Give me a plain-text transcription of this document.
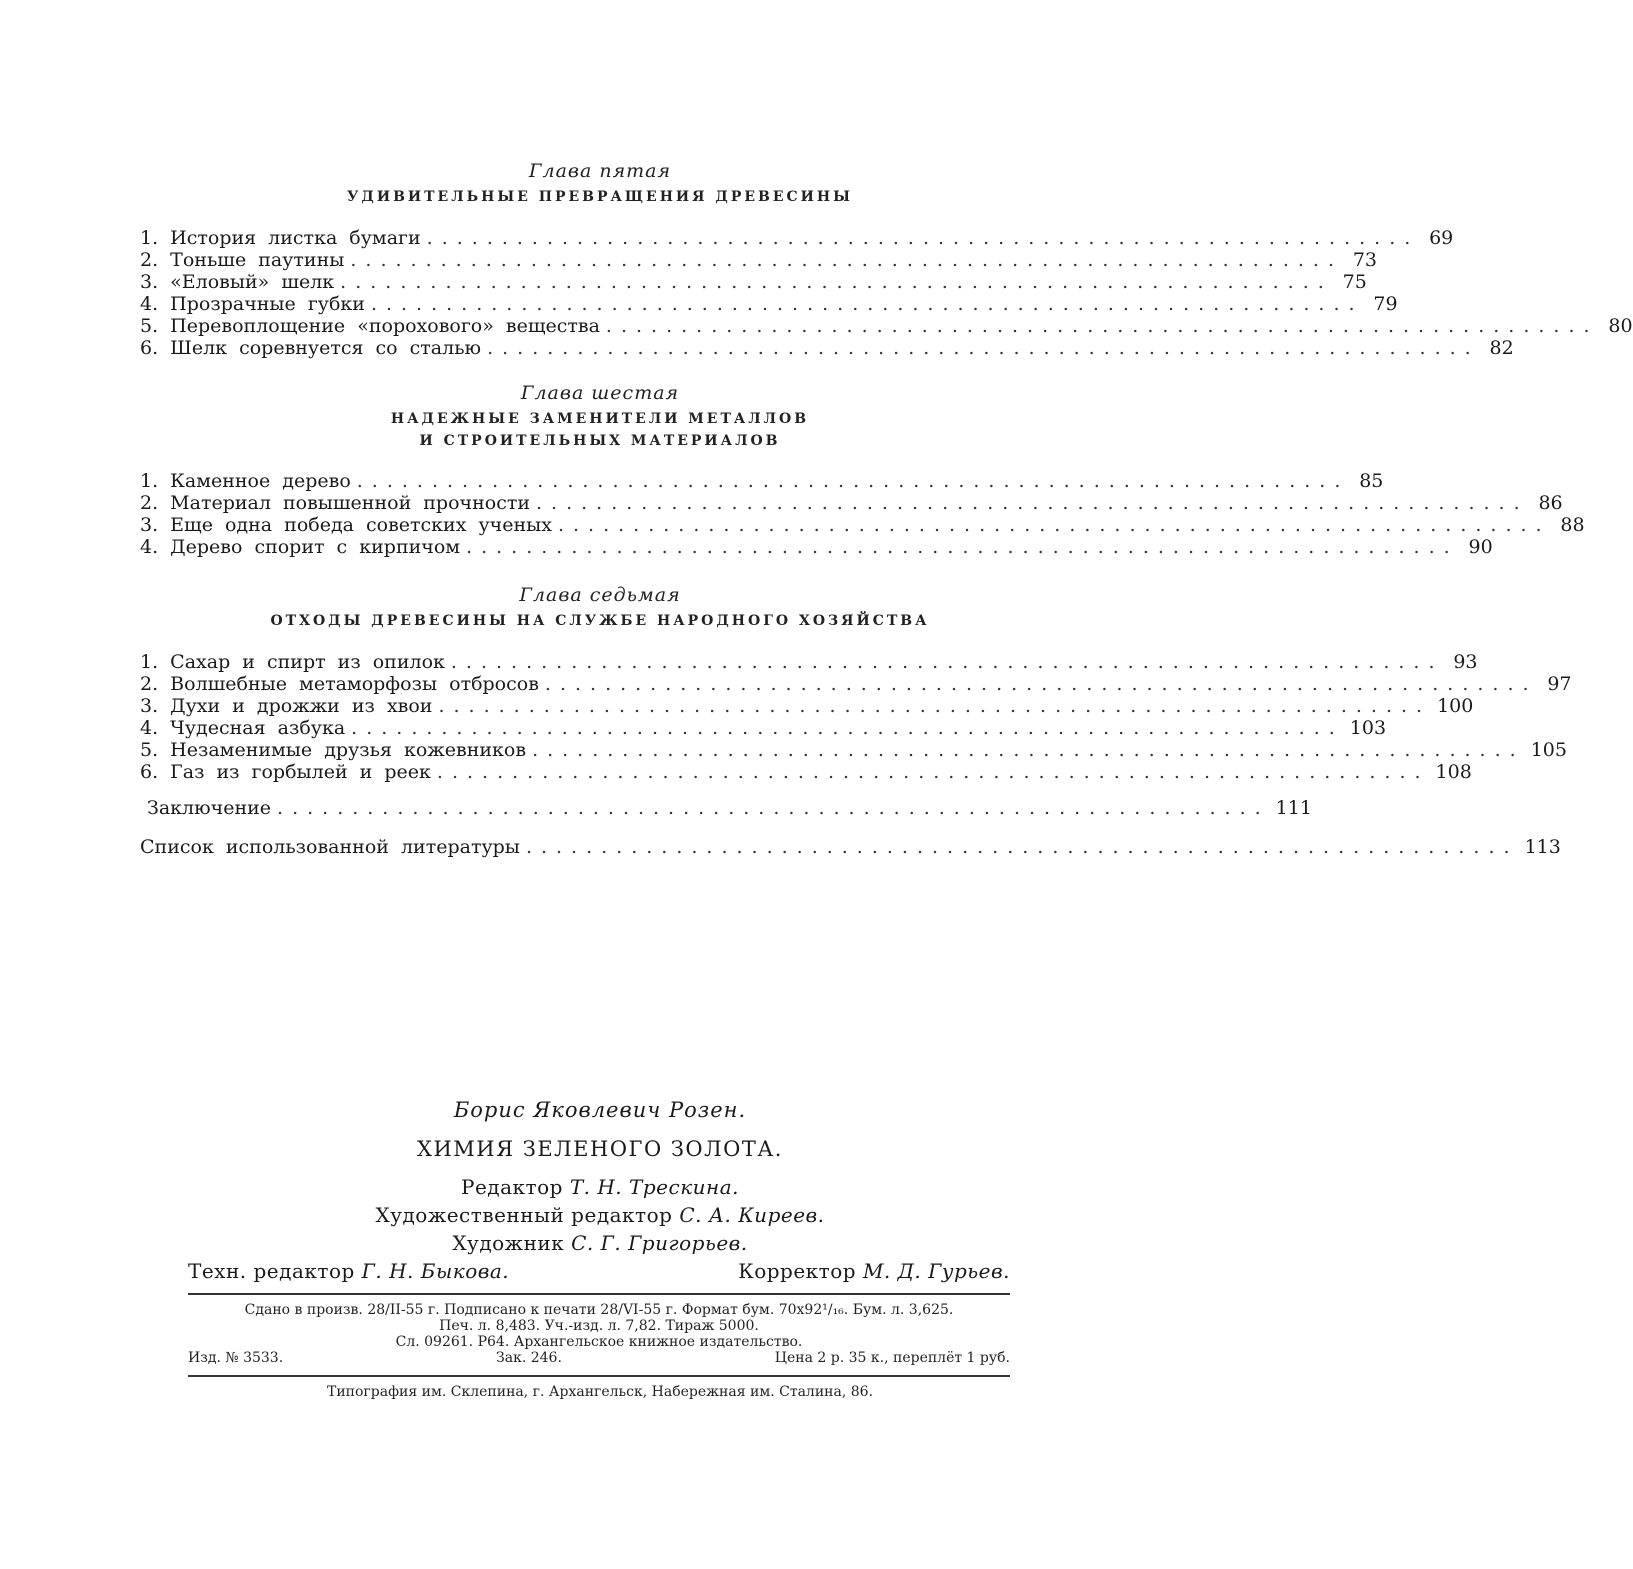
Глава пятая
УДИВИТЕЛЬНЫЕ ПРЕВРАЩЕНИЯ ДРЕВЕСИНЫ
1. История листка бумаги .................................................................. 69
2. Тоньше паутины .................................................................. 73
3. «Еловый» шелк .................................................................. 75
4. Прозрачные губки .................................................................. 79
5. Перевоплощение «порохового» вещества .................................................................. 80
6. Шелк соревнуется со сталью .................................................................. 82
Глава шестая
НАДЕЖНЫЕ ЗАМЕНИТЕЛИ МЕТАЛЛОВ
И СТРОИТЕЛЬНЫХ МАТЕРИАЛОВ
1. Каменное дерево .................................................................. 85
2. Материал повышенной прочности .................................................................. 86
3. Еще одна победа советских ученых .................................................................. 88
4. Дерево спорит с кирпичом .................................................................. 90
Глава седьмая
ОТХОДЫ ДРЕВЕСИНЫ НА СЛУЖБЕ НАРОДНОГО ХОЗЯЙСТВА
1. Сахар и спирт из опилок .................................................................. 93
2. Волшебные метаморфозы отбросов .................................................................. 97
3. Духи и дрожжи из хвои .................................................................. 100
4. Чудесная азбука .................................................................. 103
5. Незаменимые друзья кожевников .................................................................. 105
6. Газ из горбылей и реек .................................................................. 108
Заключение .................................................................. 111
Список использованной литературы .................................................................. 113
Борис Яковлевич Розен.
ХИМИЯ ЗЕЛЕНОГО ЗОЛОТА.
Редактор Т. Н. Трескина.
Художественный редактор С. А. Киреев.
Художник С. Г. Григорьев.
Техн. редактор Г. Н. Быкова.	Корректор М. Д. Гурьев.
Сдано в произв. 28/II-55 г. Подписано к печати 28/VI-55 г. Формат бум. 70x92¹/₁₆. Бум. л. 3,625.
Печ. л. 8,483. Уч.-изд. л. 7,82. Тираж 5000.
Сл. 09261. Р64. Архангельское книжное издательство.
Изд. № 3533.	Зак. 246.	Цена 2 р. 35 к., переплёт 1 руб.
Типография им. Склепина, г. Архангельск, Набережная им. Сталина, 86.
